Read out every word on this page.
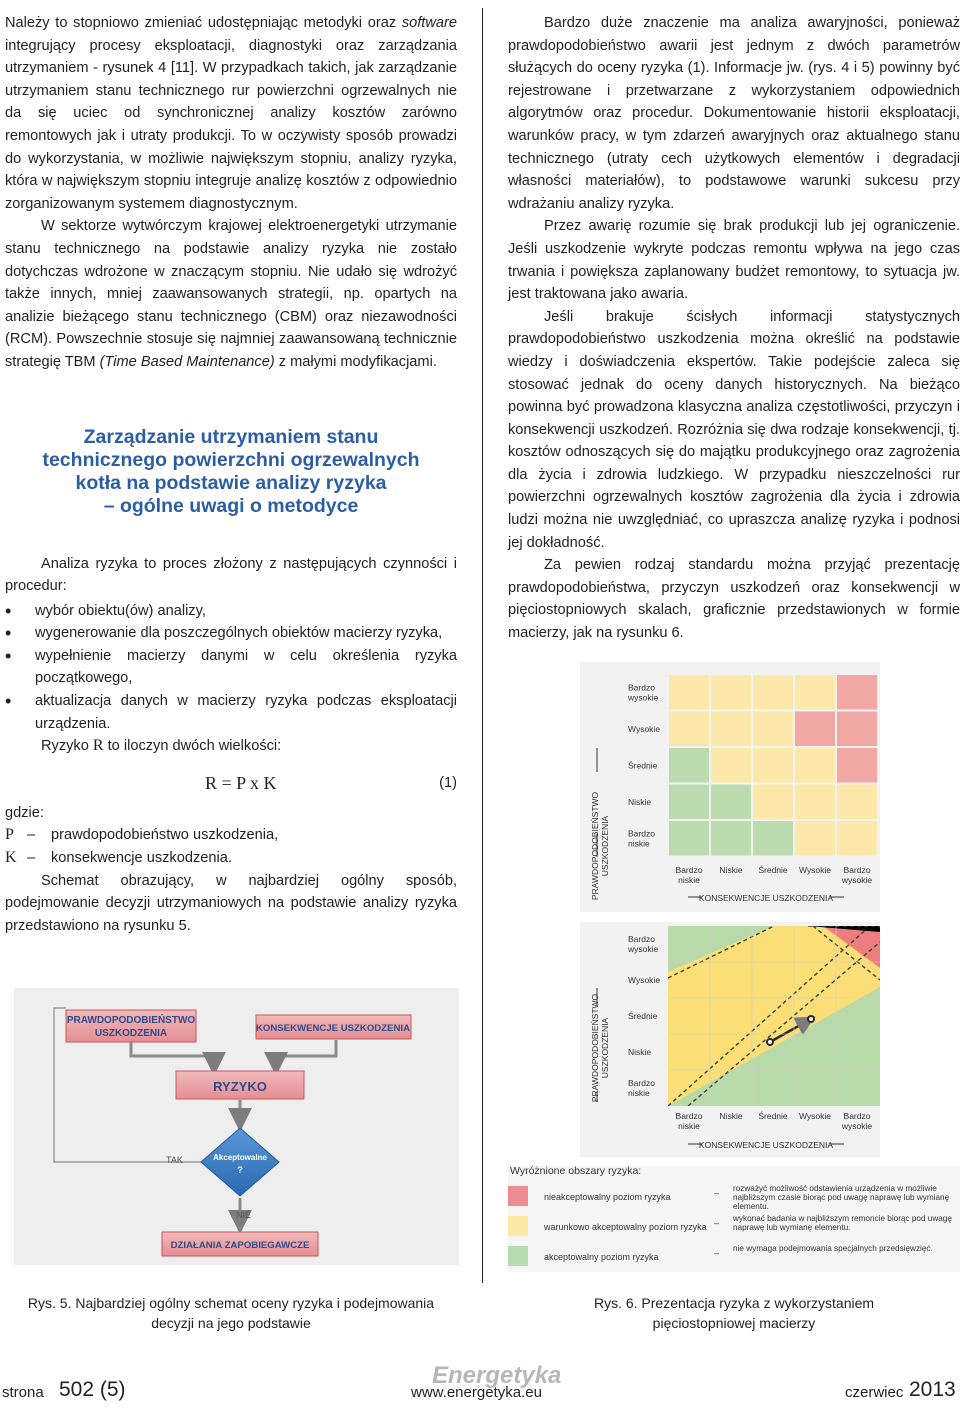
Należy to stopniowo zmieniać udostępniając metodyki oraz software integrujący procesy eksploatacji, diagnostyki oraz zarządzania utrzymaniem - rysunek 4 [11]. W przypadkach takich, jak zarządzanie utrzymaniem stanu technicznego rur powierzchni ogrzewalnych nie da się uciec od synchronicznej analizy kosztów zarówno remontowych jak i utraty produkcji. To w oczywisty sposób prowadzi do wykorzystania, w możliwie największym stopniu, analizy ryzyka, która w największym stopniu integruje analizę kosztów z odpowiednio zorganizowanym systemem diagnostycznym.

W sektorze wytwórczym krajowej elektroenergetyki utrzymanie stanu technicznego na podstawie analizy ryzyka nie zostało dotychczas wdrożone w znaczącym stopniu. Nie udało się wdrożyć także innych, mniej zaawansowanych strategii, np. opartych na analizie bieżącego stanu technicznego (CBM) oraz niezawodności (RCM). Powszechnie stosuje się najmniej zaawansowaną technicznie strategię TBM (Time Based Maintenance) z małymi modyfikacjami.

Zarządzanie utrzymaniem stanu
technicznego powierzchni ogrzewalnych
kotła na podstawie analizy ryzyka
– ogólne uwagi o metodyce

Analiza ryzyka to proces złożony z następujących czynności i procedur:

• wybór obiektu(ów) analizy,
• wygenerowanie dla poszczególnych obiektów macierzy ryzyka,
• wypełnienie macierzy danymi w celu określenia ryzyka początkowego,
• aktualizacja danych w macierzy ryzyka podczas eksploatacji urządzenia.

Ryzyko R to iloczyn dwóch wielkości:

R = P x K	(1)

gdzie:

P –	prawdopodobieństwo uszkodzenia,
K –	konsekwencje uszkodzenia.

Schemat obrazujący, w najbardziej ogólny sposób, podejmowanie decyzji utrzymaniowych na podstawie analizy ryzyka przedstawiono na rysunku 5.

Bardzo duże znaczenie ma analiza awaryjności, ponieważ prawdopodobieństwo awarii jest jednym z dwóch parametrów służących do oceny ryzyka (1). Informacje jw. (rys. 4 i 5) powinny być rejestrowane i przetwarzane z wykorzystaniem odpowiednich algorytmów oraz procedur. Dokumentowanie historii eksploatacji, warunków pracy, w tym zdarzeń awaryjnych oraz aktualnego stanu technicznego (utraty cech użytkowych elementów i degradacji własności materiałów), to podstawowe warunki sukcesu przy wdrażaniu analizy ryzyka.

Przez awarię rozumie się brak produkcji lub jej ograniczenie. Jeśli uszkodzenie wykryte podczas remontu wpływa na jego czas trwania i powiększa zaplanowany budżet remontowy, to sytuacja jw. jest traktowana jako awaria.

Jeśli brakuje ścisłych informacji statystycznych prawdopodobieństwo uszkodzenia można określić na podstawie wiedzy i doświadczenia ekspertów. Takie podejście zaleca się stosować jednak do oceny danych historycznych. Na bieżąco powinna być prowadzona klasyczna analiza częstotliwości, przyczyn i konsekwencji uszkodzeń. Rozróżnia się dwa rodzaje konsekwencji, tj. kosztów odnoszących się do majątku produkcyjnego oraz zagrożenia dla życia i zdrowia ludzkiego. W przypadku nieszczelności rur powierzchni ogrzewalnych kosztów zagrożenia dla życia i zdrowia ludzi można nie uwzględniać, co upraszcza analizę ryzyka i podnosi jej dokładność.

Za pewien rodzaj standardu można przyjąć prezentację prawdopodobieństwa, przyczyn uszkodzeń oraz konsekwencji w pięciostopniowych skalach, graficznie przedstawionych w formie macierzy, jak na rysunku 6.

PRAWDOPODOBIEŃSTWO
USZKODZENIA	KONSEKWENCJE USZKODZENIA
RYZYKO
Akceptowalne
?
TAK
NIE
DZIAŁANIA ZAPOBIEGAWCZE
Rys. 5. Najbardziej ogólny schemat oceny ryzyka i podejmowania
decyzji na jego podstawie
Bardzo
wysokie
Wysokie
Średnie
Niskie
Bardzo
niskie
Bardzo
niskie
Niskie Średnie Wysokie Bardzo
wysokie
PRAWDOPODOBIEŃSTWO USZKODZENIA
KONSEKWENCJE USZKODZENIA
Bardzo
wysokie
Wysokie
Średnie
Niskie
Bardzo
niskie
Bardzo
niskie
Niskie Średnie Wysokie Bardzo
wysokie
PRAWDOPODOBIEŃSTWO USZKODZENIA
KONSEKWENCJE USZKODZENIA
Wyróżnione obszary ryzyka:
nieakceptowalny poziom ryzyka	– rozważyć możliwość odstawienia urządzenia w możliwie
najbliższym czasie biorąc pod uwagę naprawę lub wymianę
elementu.
warunkowo akceptowalny poziom ryzyka – wykonać badania w najbliższym remoncie biorąc pod uwagę
naprawę lub wymianę elementu.
akceptowalny poziom ryzyka	– nie wymaga podejmowania specjalnych przedsięwzięć.
Rys. 6. Prezentacja ryzyka z wykorzystaniem
pięciostopniowej macierzy
strona 502 (5)
Energetyka
www.energetyka.eu	czerwiec 2013
